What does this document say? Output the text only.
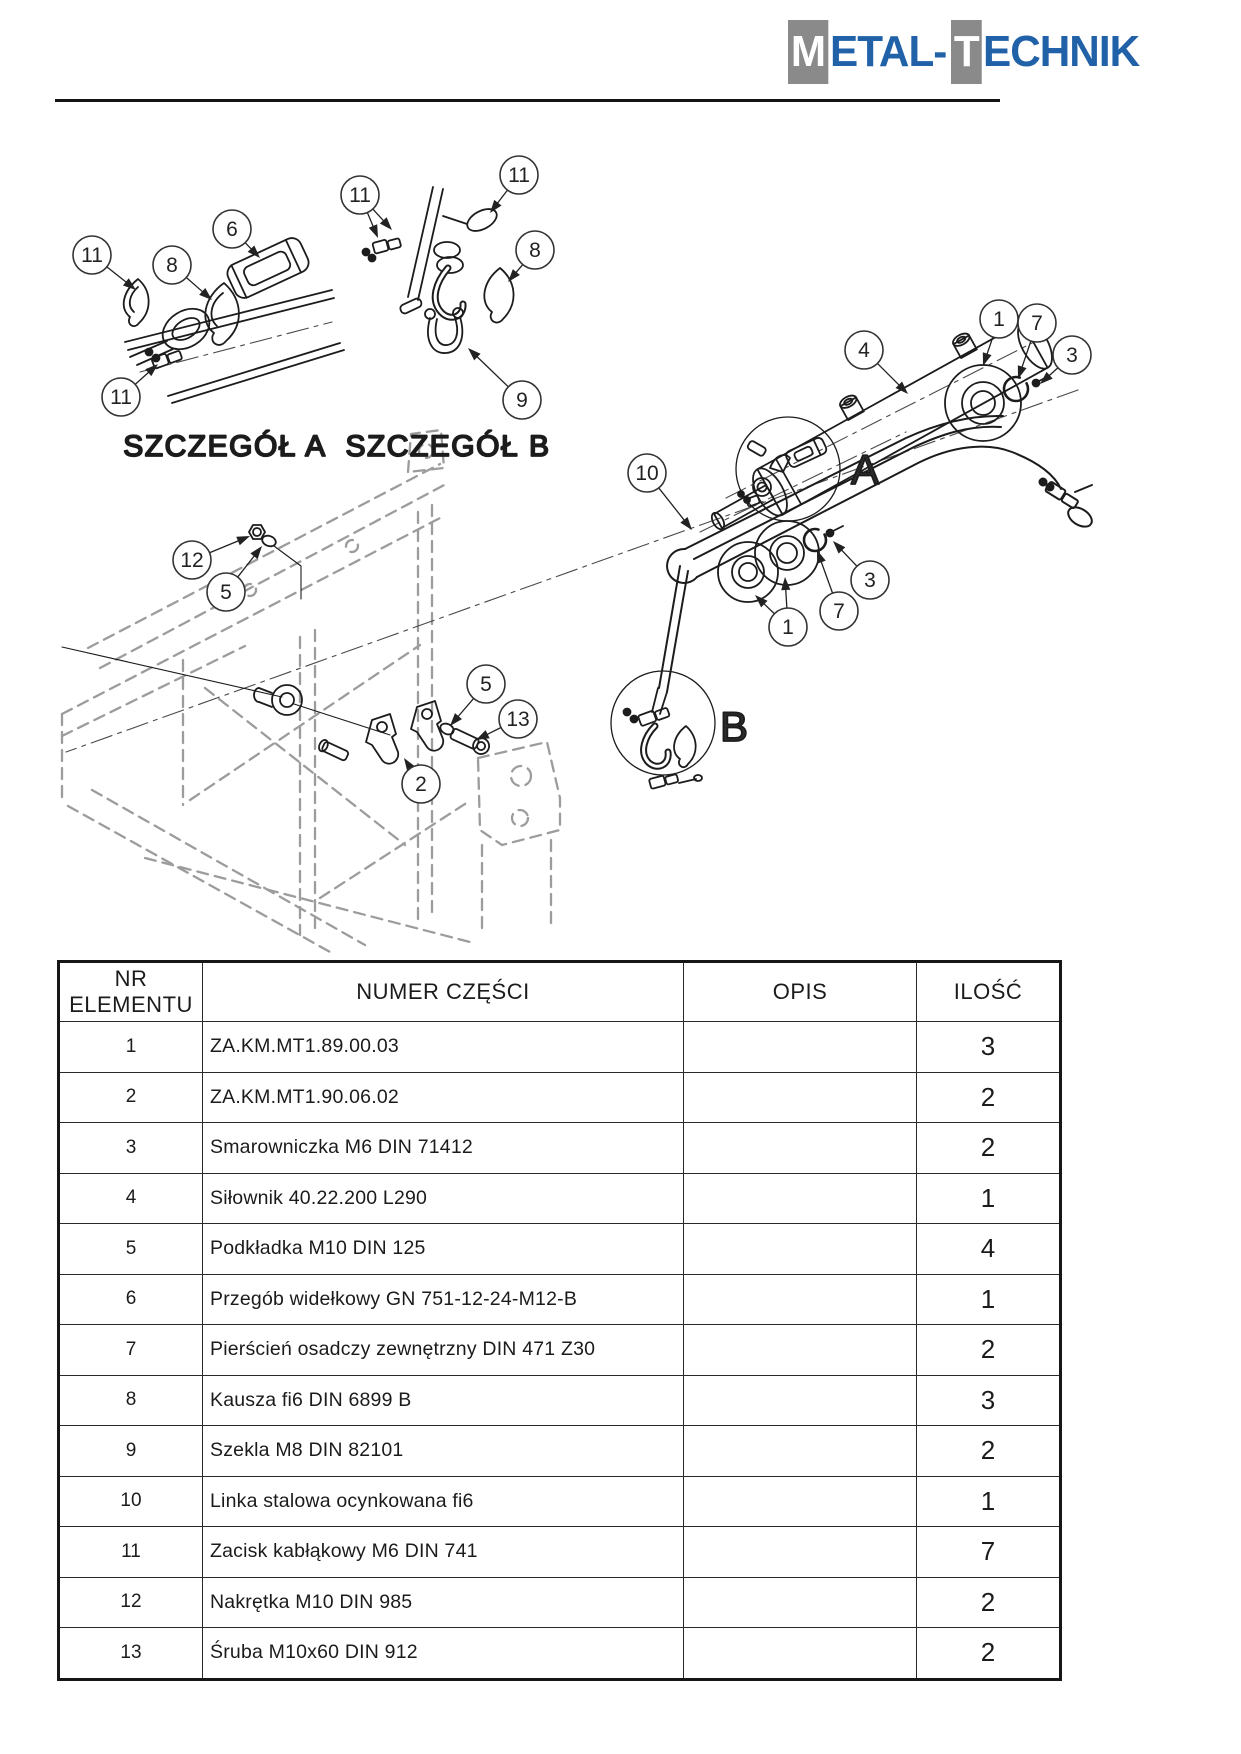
M ETAL- T ECHNIK
A
B
SZCZEGÓŁ A SZCZEGÓŁ B
11	8
6
11
11
11
8
9
4
1 7
3
10
1
7
3
12
5
5
13
2
NR ELEMENTU	NUMER CZĘŚCI	OPIS	ILOŚĆ
1	ZA.KM.MT1.89.00.03		3
2	ZA.KM.MT1.90.06.02		2
3	Smarowniczka M6 DIN 71412		2
4	Siłownik 40.22.200 L290		1
5	Podkładka M10 DIN 125		4
6	Przegób widełkowy GN 751-12-24-M12-B		1
7	Pierścień osadczy zewnętrzny DIN 471 Z30		2
8	Kausza fi6 DIN 6899 B		3
9	Szekla M8 DIN 82101		2
10	Linka stalowa ocynkowana fi6		1
11	Zacisk kabłąkowy M6 DIN 741		7
12	Nakrętka M10 DIN 985		2
13	Śruba M10x60 DIN 912		2
